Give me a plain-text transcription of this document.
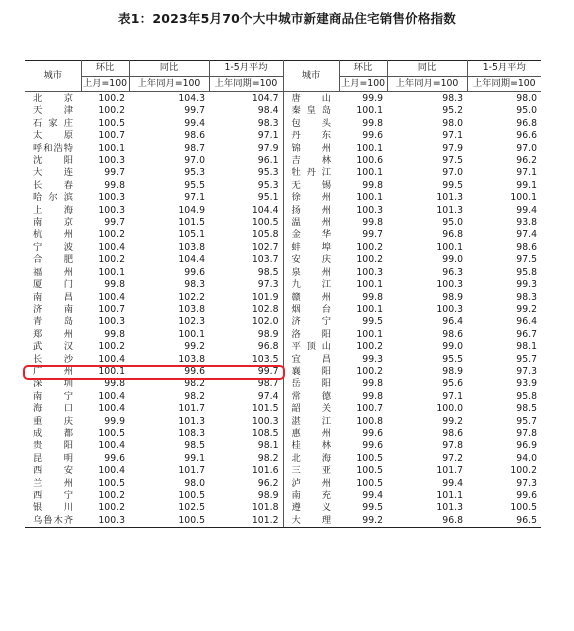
表1：2023年5月70个大中城市新建商品住宅销售价格指数
城市	环比	同比	1-5月平均	城市	环比	同比	1-5月平均
	上月=100	上年同月=100	上年同期=100		上月=100	上年同月=100	上年同期=100
北京	100.2	104.3	104.7	唐山	99.9	98.3	98.0
天津	100.2	99.7	98.4	秦皇岛	100.1	95.2	95.0
石家庄	100.5	99.4	98.3	包头	99.8	98.0	96.8
太原	100.7	98.6	97.1	丹东	99.6	97.1	96.6
呼和浩特	100.1	98.7	97.9	锦州	100.1	97.9	97.0
沈阳	100.3	97.0	96.1	吉林	100.6	97.5	96.2
大连	99.7	95.3	95.3	牡丹江	100.1	97.0	97.1
长春	99.8	95.5	95.3	无锡	99.8	99.5	99.1
哈尔滨	100.3	97.1	95.1	徐州	100.1	101.3	100.1
上海	100.3	104.9	104.4	扬州	100.3	101.3	99.4
南京	99.7	101.5	100.5	温州	99.8	95.0	93.8
杭州	100.2	105.1	105.8	金华	99.7	96.8	97.4
宁波	100.4	103.8	102.7	蚌埠	100.2	100.1	98.6
合肥	100.2	104.4	103.7	安庆	100.2	99.0	97.5
福州	100.1	99.6	98.5	泉州	100.3	96.3	95.8
厦门	99.8	98.3	97.3	九江	100.1	100.3	99.3
南昌	100.4	102.2	101.9	赣州	99.8	98.9	98.3
济南	100.7	103.8	102.8	烟台	100.1	100.3	99.2
青岛	100.3	102.3	102.0	济宁	99.5	96.4	96.4
郑州	99.8	100.1	98.9	洛阳	100.1	98.6	96.7
武汉	100.2	99.2	96.8	平顶山	100.2	99.0	98.1
长沙	100.4	103.8	103.5	宜昌	99.3	95.5	95.7
广州	100.1	99.6	99.7	襄阳	100.2	98.9	97.3
深圳	99.8	98.2	98.7	岳阳	99.8	95.6	93.9
南宁	100.4	98.2	97.4	常德	99.8	97.1	95.8
海口	100.4	101.7	101.5	韶关	100.7	100.0	98.5
重庆	99.9	101.3	100.3	湛江	100.8	99.2	95.7
成都	100.5	108.3	108.5	惠州	99.6	98.6	97.8
贵阳	100.4	98.5	98.1	桂林	99.6	97.8	96.9
昆明	99.6	99.1	98.2	北海	100.5	97.2	94.0
西安	100.4	101.7	101.6	三亚	100.5	101.7	100.2
兰州	100.5	98.0	96.2	泸州	100.5	99.4	97.3
西宁	100.2	100.5	98.9	南充	99.4	101.1	99.6
银川	100.2	102.5	101.8	遵义	99.5	101.3	100.5
乌鲁木齐	100.3	100.5	101.2	大理	99.2	96.8	96.5
